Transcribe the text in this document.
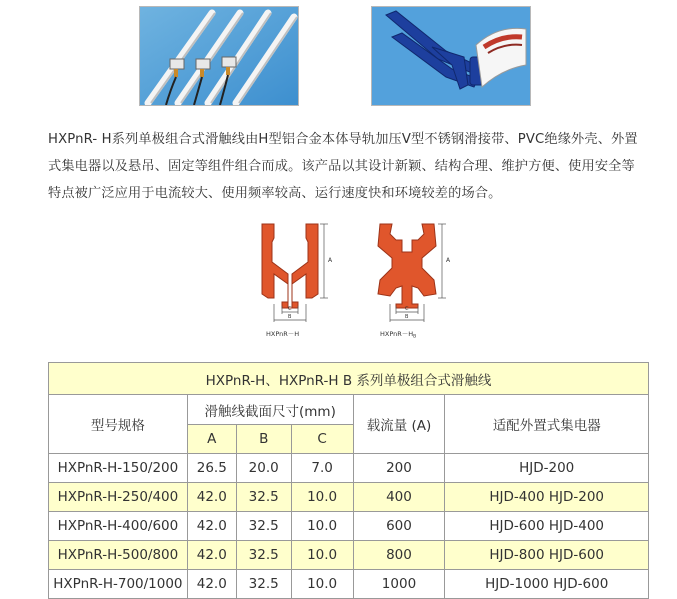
HXPnR- H系列单极组合式滑触线由H型铝合金本体导轨加压V型不锈钢滑接带、PVC绝缘外壳、外置式集电器以及悬吊、固定等组件组合而成。该产品以其设计新颖、结构合理、维护方便、使用安全等特点被广泛应用于电流较大、使用频率较高、运行速度快和环境较差的场合。

A
C
B
HXPnR－H
A
C
B
$HXPnR-H_B$
HXPnR-H、HXPnR-H B 系列单极组合式滑触线					
型号规格	滑触线截面尺寸(mm)			载流量 (A)	适配外置式集电器
	A	B	C		
HXPnR-H-150/200	26.5	20.0	7.0	200	HJD-200
HXPnR-H-250/400	42.0	32.5	10.0	400	HJD-400 HJD-200
HXPnR-H-400/600	42.0	32.5	10.0	600	HJD-600 HJD-400
HXPnR-H-500/800	42.0	32.5	10.0	800	HJD-800 HJD-600
HXPnR-H-700/1000	42.0	32.5	10.0	1000	HJD-1000 HJD-600
